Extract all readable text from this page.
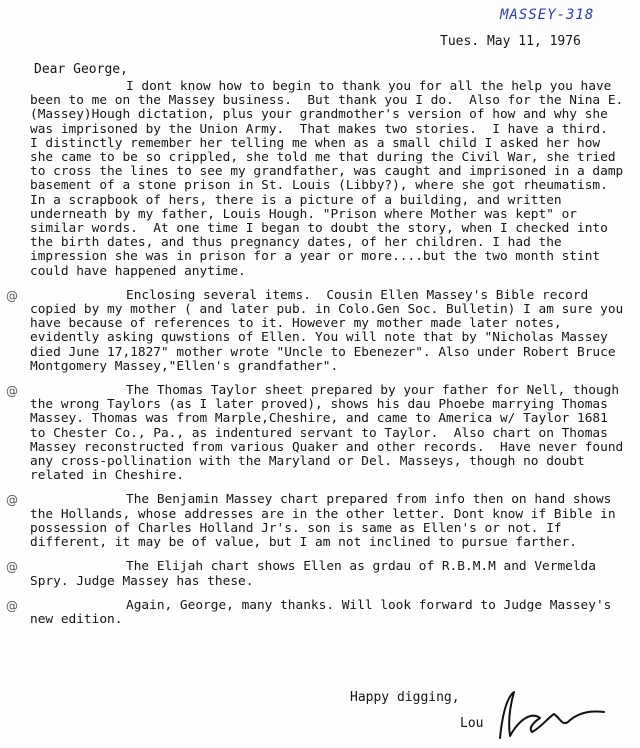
MASSEY-318
Tues. May 11, 1976
Dear George,

I dont know how to begin to thank you for all the help you have been to me on the Massey business.  But thank you I do.  Also for the Nina E. (Massey)Hough dictation, plus your grandmother's version of how and why she was imprisoned by the Union Army.  That makes two stories.  I have a third.  I distinctly remember her telling me when as a small child I asked her how she came to be so crippled, she told me that during the Civil War, she tried to cross the lines to see my grandfather, was caught and imprisoned in a damp basement of a stone prison in St. Louis (Libby?), where she got rheumatism.  In a scrapbook of hers, there is a picture of a building, and written underneath by my father, Louis Hough. "Prison where Mother was kept" or similar words.  At one time I began to doubt the story, when I checked into the birth dates, and thus pregnancy dates, of her children. I had the impression she was in prison for a year or more....but the two month stint could have happened anytime.

@	Enclosing several items.  Cousin Ellen Massey's Bible record copied by my mother ( and later pub. in Colo.Gen Soc. Bulletin) I am sure you have because of references to it. However my mother made later notes, evidently asking quwstions of Ellen. You will note that by "Nicholas Massey died June 17,1827" mother wrote "Uncle to Ebenezer". Also under Robert Bruce Montgomery Massey,"Ellen's grandfather".

@	The Thomas Taylor sheet prepared by your father for Nell, though the wrong Taylors (as I later proved), shows his dau Phoebe marrying Thomas Massey. Thomas was from Marple,Cheshire, and came to America w/ Taylor 1681 to Chester Co., Pa., as indentured servant to Taylor.  Also chart on Thomas Massey reconstructed from various Quaker and other records.  Have never found any cross-pollination with the Maryland or Del. Masseys, though no doubt related in Cheshire.

@	The Benjamin Massey chart prepared from info then on hand shows the Hollands, whose addresses are in the other letter. Dont know if Bible in possession of Charles Holland Jr's. son is same as Ellen's or not. If different, it may be of value, but I am not inclined to pursue farther.

@	The Elijah chart shows Ellen as grdau of R.B.M.M and Vermelda Spry. Judge Massey has these.

@	Again, George, many thanks. Will look forward to Judge Massey's new edition.

Happy digging,
Lou
